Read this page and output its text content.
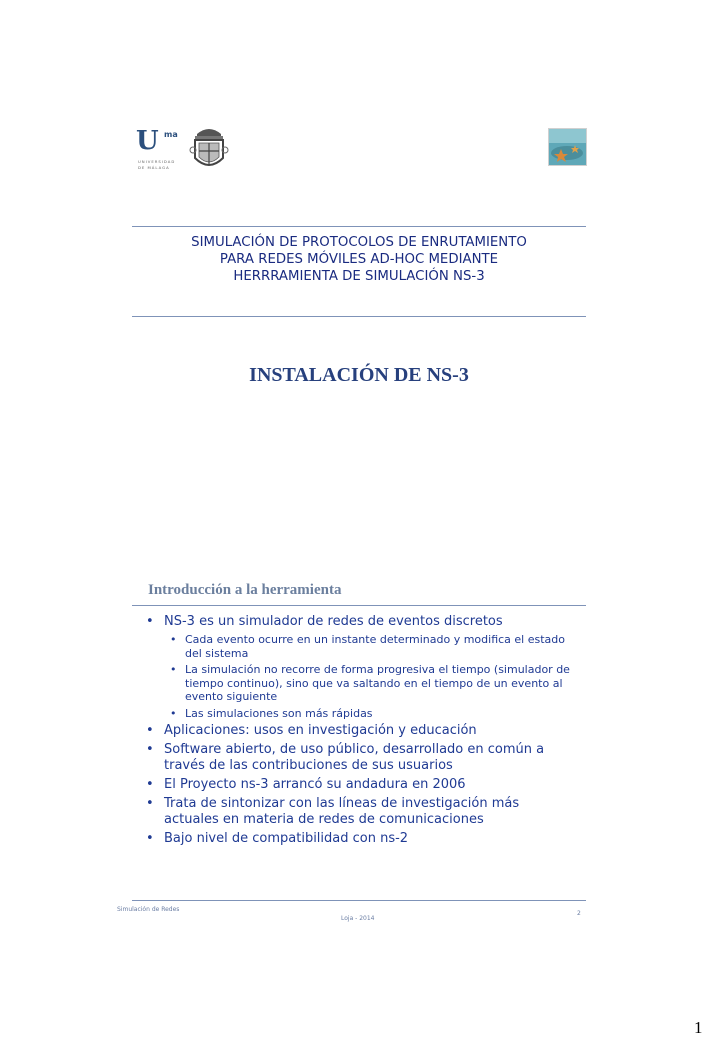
U ma
UNIVERSIDAD DE MÁLAGA
SIMULACIÓN DE PROTOCOLOS DE ENRUTAMIENTO
PARA REDES MÓVILES AD-HOC MEDIANTE
HERRRAMIENTA DE SIMULACIÓN NS-3
INSTALACIÓN DE NS-3
Introducción a la herramienta
• NS-3 es un simulador de redes de eventos discretos
• Cada evento ocurre en un instante determinado y modifica el estado del sistema
• La simulación no recorre de forma progresiva el tiempo (simulador de tiempo continuo), sino que va saltando en el tiempo de un evento al evento siguiente
• Las simulaciones son más rápidas
• Aplicaciones: usos en investigación y educación
• Software abierto, de uso público, desarrollado en común a través de las contribuciones de sus usuarios
• El Proyecto ns-3 arrancó su andadura en 2006
• Trata de sintonizar con las líneas de investigación más actuales en materia de redes de comunicaciones
• Bajo nivel de compatibilidad con ns-2
Simulación de Redes
Loja - 2014
2
1
